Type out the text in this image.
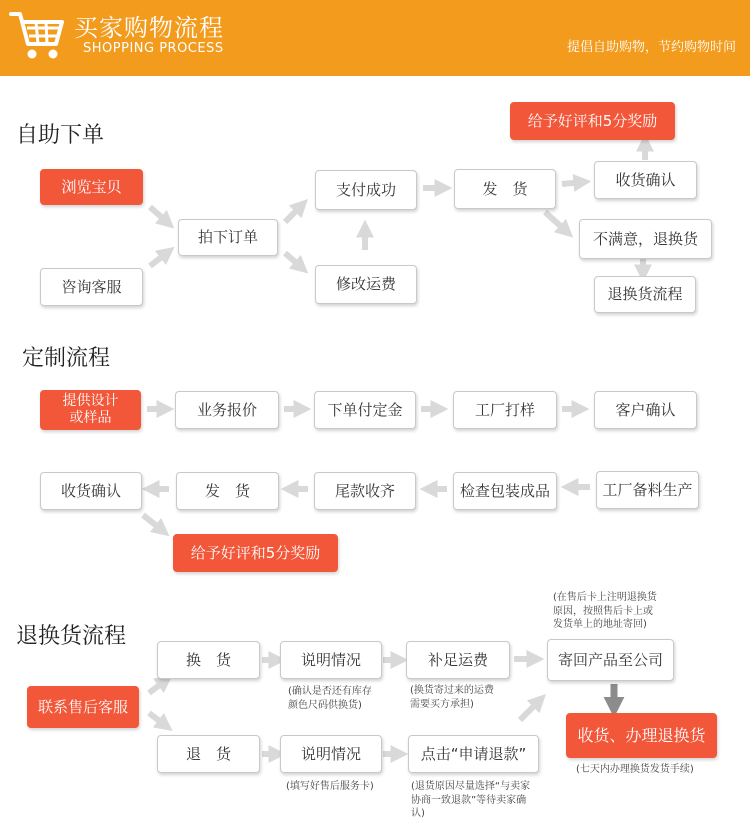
买家购物流程
SHOPPING PROCESS	提倡自助购物，节约购物时间
自助下单
浏览宝贝
咨询客服
拍下订单
支付成功
修改运费
发　货	收货确认
给予好评和5分奖励
不满意，退换货
退换货流程
定制流程
提供设计
或样品	业务报价	下单付定金	工厂打样	客户确认
工厂备料生产
检查包装成品
尾款收齐
发　货
收货确认
给予好评和5分奖励
退换货流程
联系售后客服
换　货
退　货
说明情况
(确认是否还有库存
颜色尺码供换货)
说明情况
(填写好售后服务卡)
补足运费
(换货寄过来的运费
需要买方承担)
点击“申请退款”
(退货原因尽量选择“与卖家
协商一致退款”等待卖家确
认)
(在售后卡上注明退换货
原因，按照售后卡上或
发货单上的地址寄回)
寄回产品至公司
收货、办理退换货
(七天内办理换货发货手续)
